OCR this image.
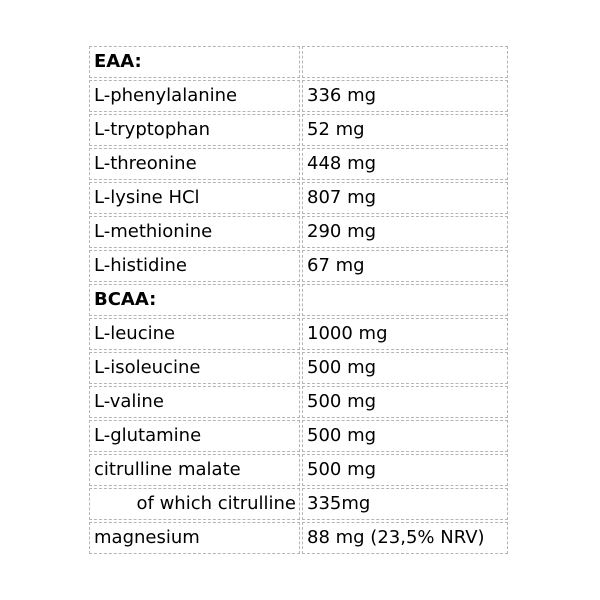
EAA:	
L-phenylalanine	336 mg
L-tryptophan	52 mg
L-threonine	448 mg
L-lysine HCl	807 mg
L-methionine	290 mg
L-histidine	67 mg
BCAA:	
L-leucine	1000 mg
L-isoleucine	500 mg
L-valine	500 mg
L-glutamine	500 mg
citrulline malate	500 mg
of which citrulline	335mg
magnesium	88 mg (23,5% NRV)
